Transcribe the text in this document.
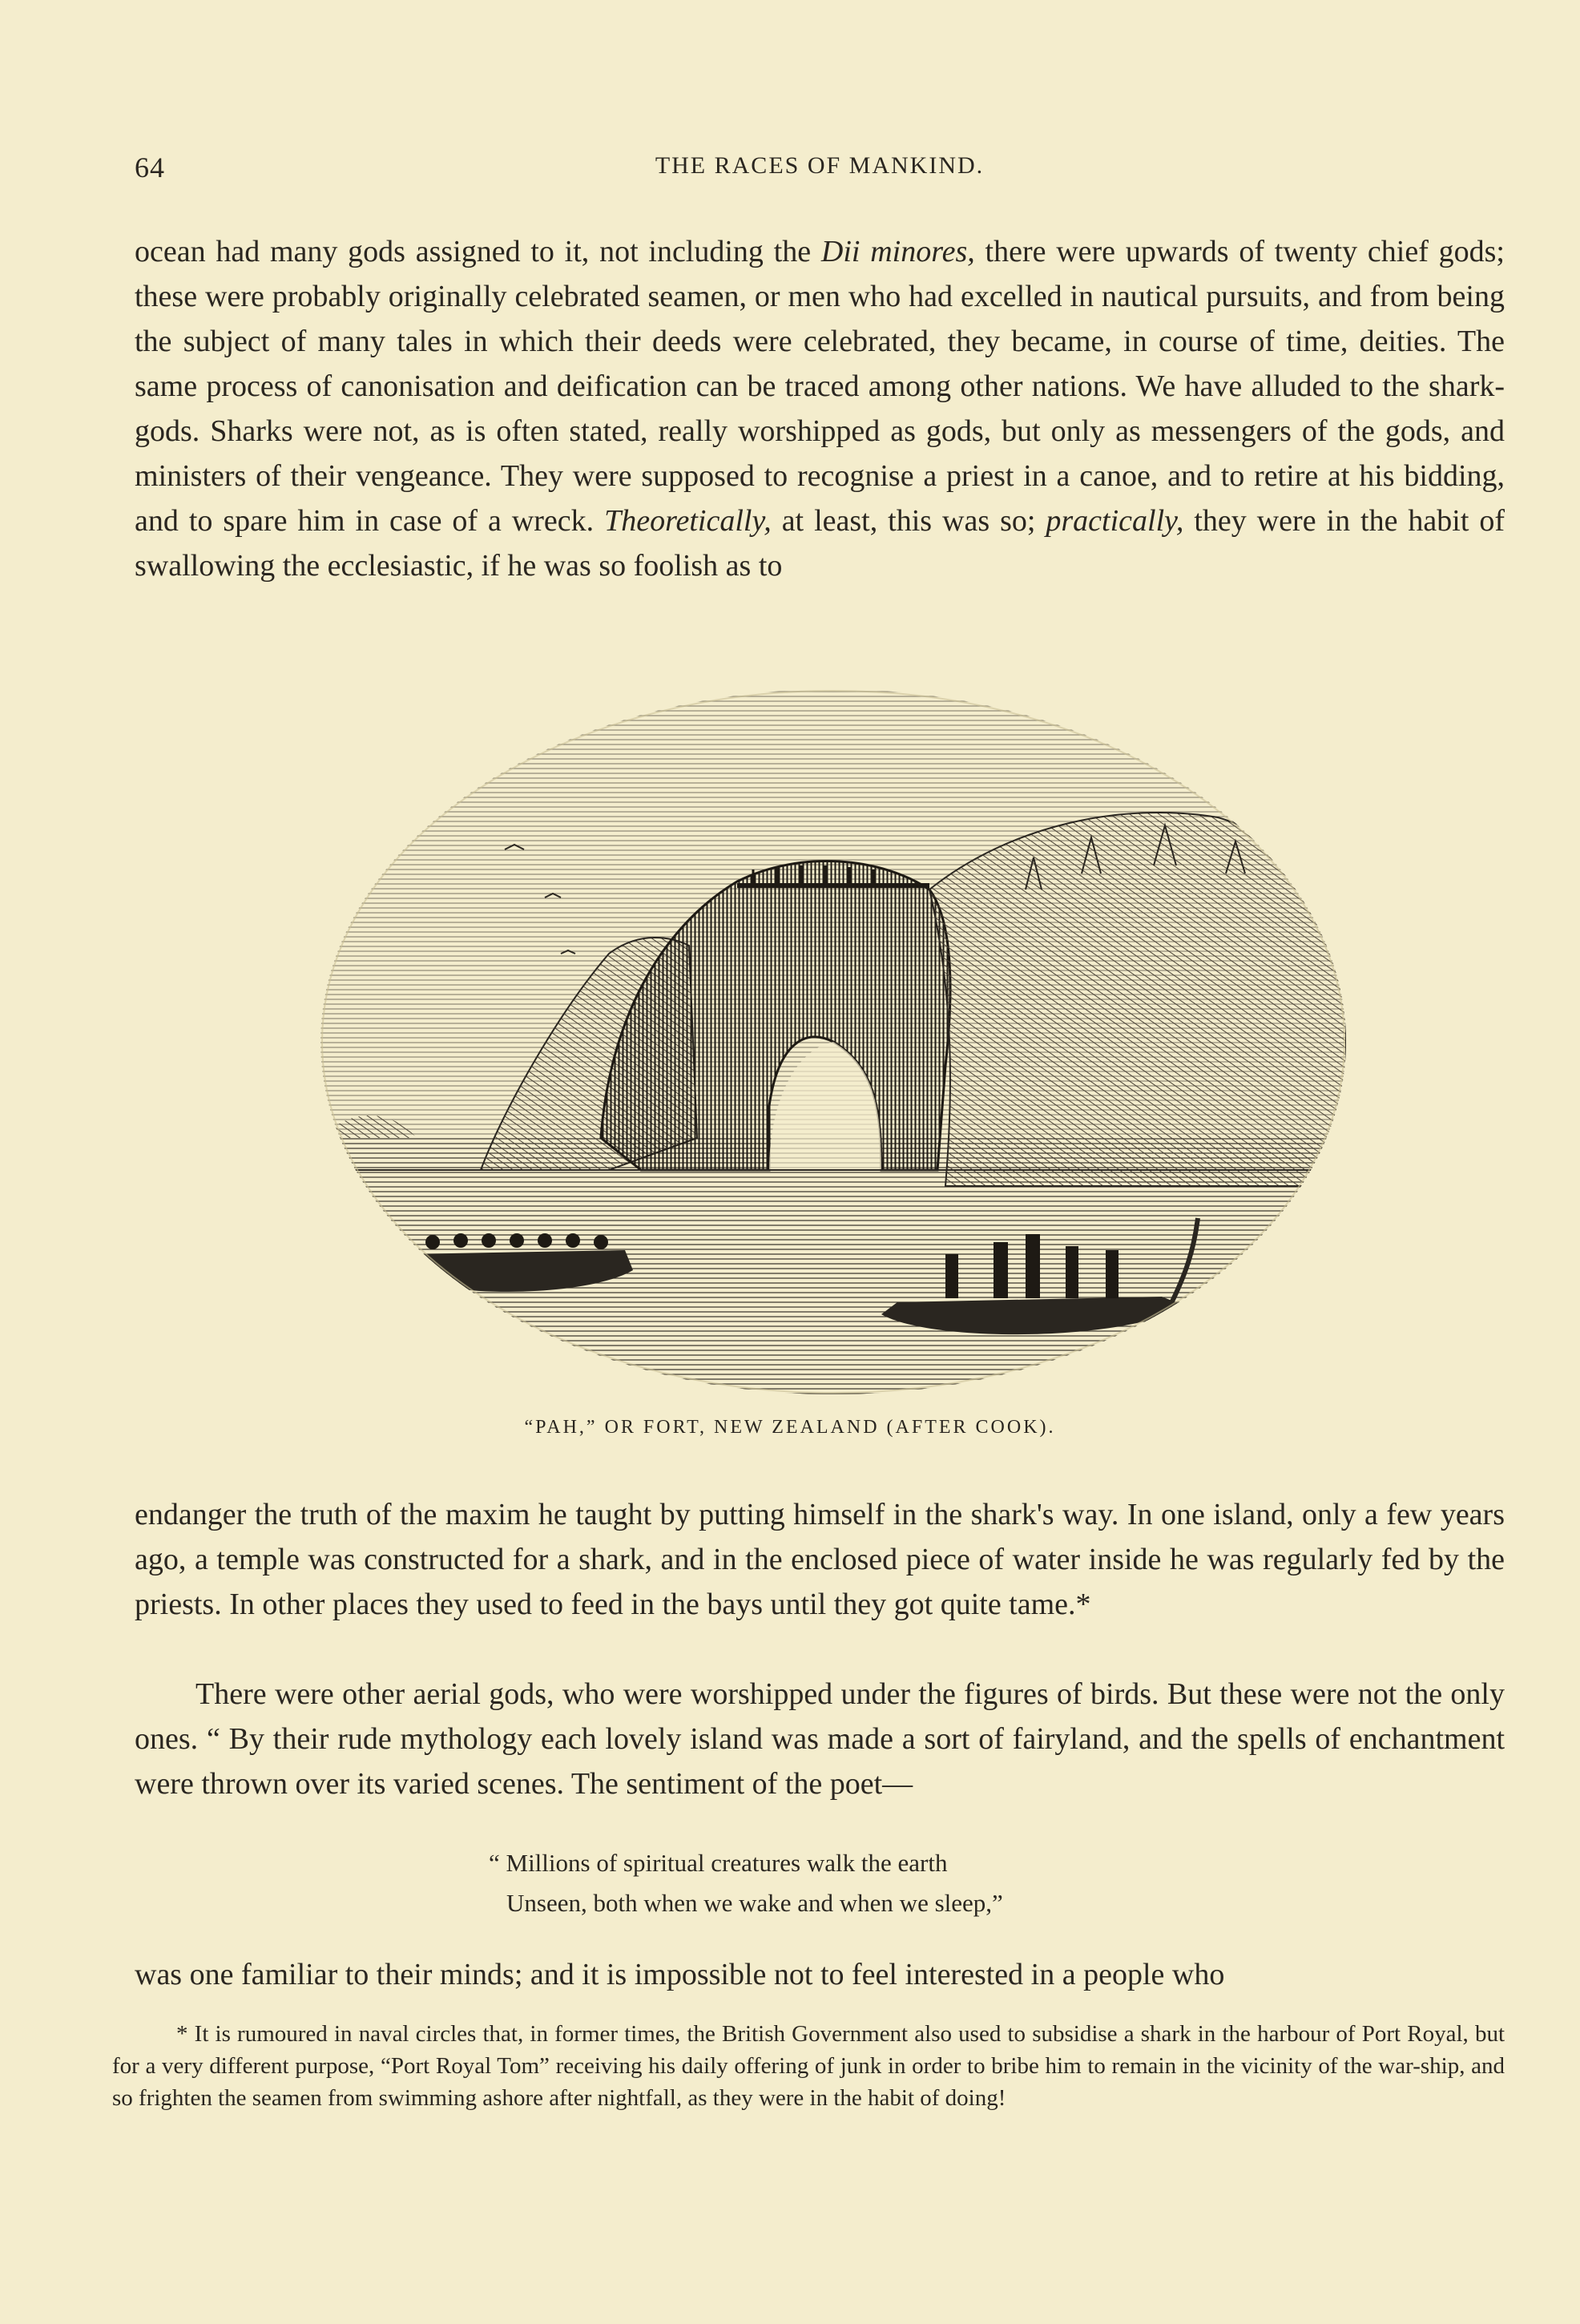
64	THE RACES OF MANKIND.

ocean had many gods assigned to it, not including the Dii minores, there were upwards of twenty chief gods; these were probably originally celebrated seamen, or men who had excelled in nautical pursuits, and from being the subject of many tales in which their deeds were celebrated, they became, in course of time, deities. The same process of canonisation and deification can be traced among other nations. We have alluded to the shark-gods. Sharks were not, as is often stated, really worshipped as gods, but only as messengers of the gods, and ministers of their vengeance. They were supposed to recognise a priest in a canoe, and to retire at his bidding, and to spare him in case of a wreck. Theoretically, at least, this was so; practically, they were in the habit of swallowing the ecclesiastic, if he was so foolish as to

“PAH,” OR FORT, NEW ZEALAND (AFTER COOK).

endanger the truth of the maxim he taught by putting himself in the shark's way. In one island, only a few years ago, a temple was constructed for a shark, and in the enclosed piece of water inside he was regularly fed by the priests. In other places they used to feed in the bays until they got quite tame.*

There were other aerial gods, who were worshipped under the figures of birds. But these were not the only ones. “ By their rude mythology each lovely island was made a sort of fairyland, and the spells of enchantment were thrown over its varied scenes. The sentiment of the poet—

“ Millions of spiritual creatures walk the earth
Unseen, both when we wake and when we sleep,”

was one familiar to their minds; and it is impossible not to feel interested in a people who

* It is rumoured in naval circles that, in former times, the British Government also used to subsidise a shark in the harbour of Port Royal, but for a very different purpose, “Port Royal Tom” receiving his daily offering of junk in order to bribe him to remain in the vicinity of the war-ship, and so frighten the seamen from swimming ashore after nightfall, as they were in the habit of doing!
